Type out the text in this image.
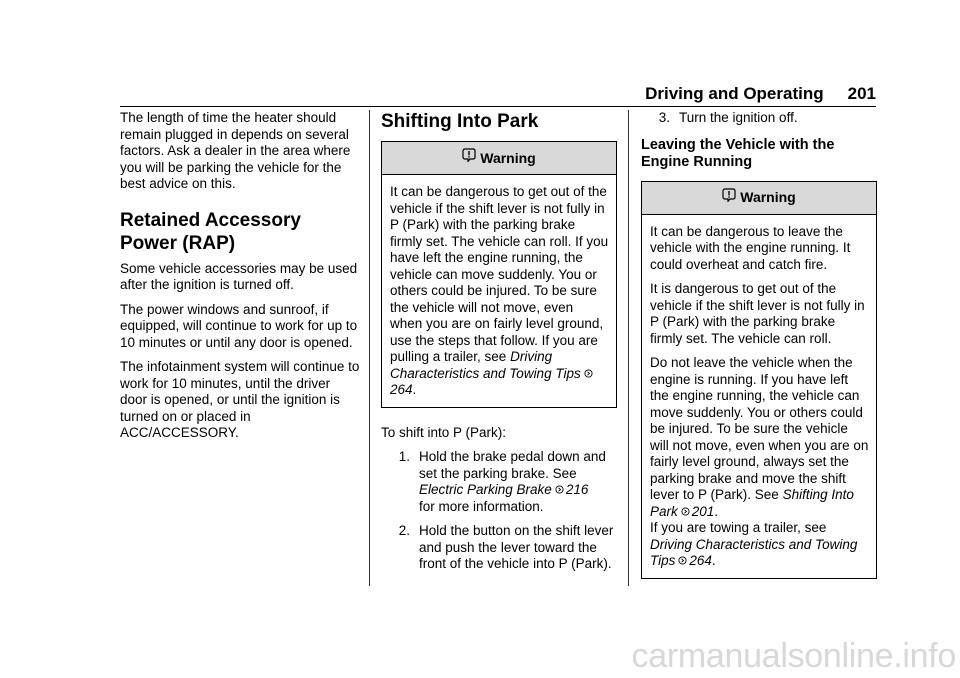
Driving and Operating 201

The length of time the heater should remain plugged in depends on several factors. Ask a dealer in the area where you will be parking the vehicle for the best advice on this.

Retained Accessory
Power (RAP)

Some vehicle accessories may be used after the ignition is turned off.

The power windows and sunroof, if equipped, will continue to work for up to 10 minutes or until any door is opened.

The infotainment system will continue to work for 10 minutes, until the driver door is opened, or until the ignition is turned on or placed in ACC/ACCESSORY.

Shifting Into Park
Warning

It can be dangerous to get out of the vehicle if the shift lever is not fully in P (Park) with the parking brake firmly set. The vehicle can roll. If you have left the engine running, the vehicle can move suddenly. You or others could be injured. To be sure the vehicle will not move, even when you are on fairly level ground, use the steps that follow. If you are pulling a trailer, see Driving Characteristics and Towing Tips264.

To shift into P (Park):

1. Hold the brake pedal down and set the parking brake. See
Electric Parking Brake 216
for more information.
2. Hold the button on the shift lever and push the lever toward the front of the vehicle into P (Park).
3. Turn the ignition off.
Leaving the Vehicle with the
Engine Running
Warning

It can be dangerous to leave the vehicle with the engine running. It could overheat and catch fire.

It is dangerous to get out of the vehicle if the shift lever is not fully in P (Park) with the parking brake firmly set. The vehicle can roll.

Do not leave the vehicle when the engine is running. If you have left the engine running, the vehicle can move suddenly. You or others could be injured. To be sure the vehicle will not move, even when you are on fairly level ground, always set the parking brake and move the shift lever to P (Park). See Shifting Into Park 201.
If you are towing a trailer, see Driving Characteristics and Towing Tips 264.

carmanualsonline.info
